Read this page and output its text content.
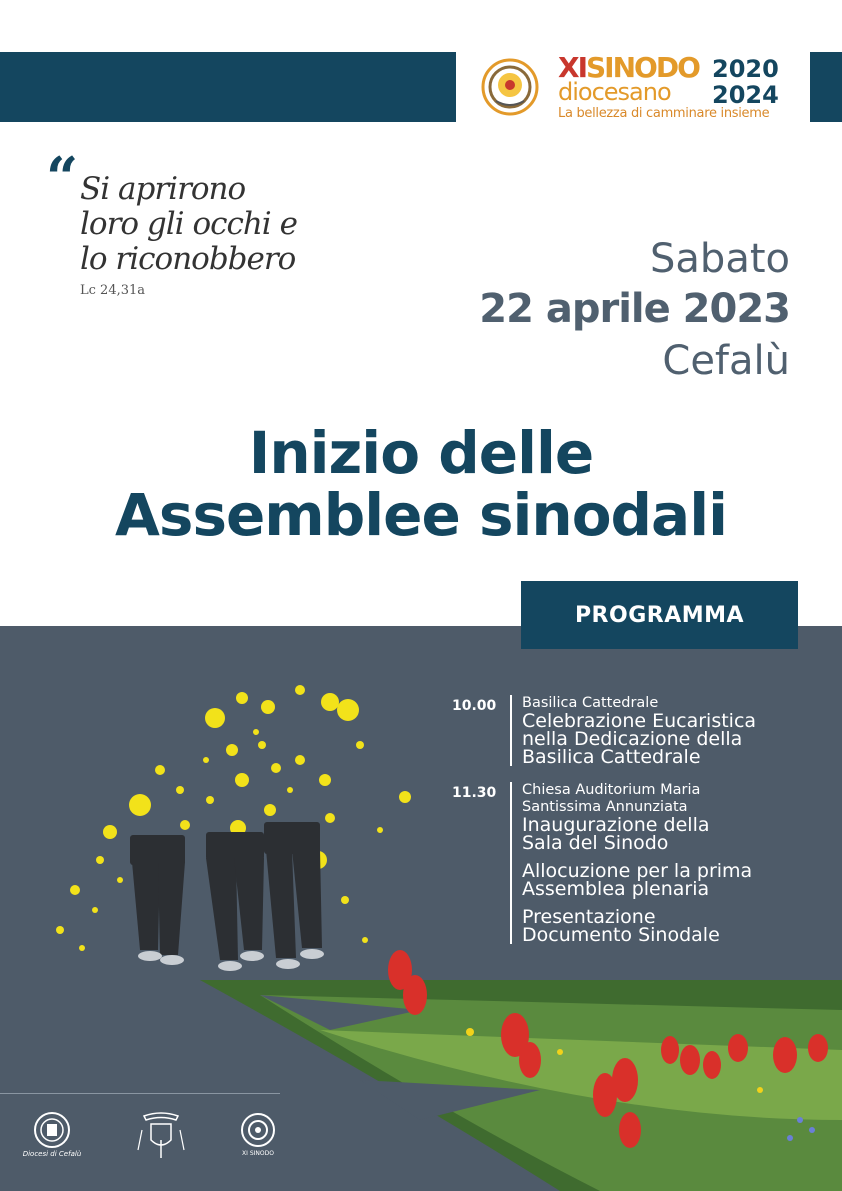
XISINODO
diocesano
2020
2024
La bellezza di camminare insieme
“ Si aprirono
loro gli occhi e
lo riconobbero
Lc 24,31a
Sabato
22 aprile 2023
Cefalù
Inizio delle
Assemblee sinodali
PROGRAMMA
10.00	Basilica Cattedrale
Celebrazione Eucaristica nella Dedicazione della Basilica Cattedrale
11.30	Chiesa Auditorium Maria Santissima Annunziata
Inaugurazione della Sala del Sinodo
Allocuzione per la prima Assemblea plenaria
Presentazione Documento Sinodale
Diocesi di Cefalù	XI SINODO
